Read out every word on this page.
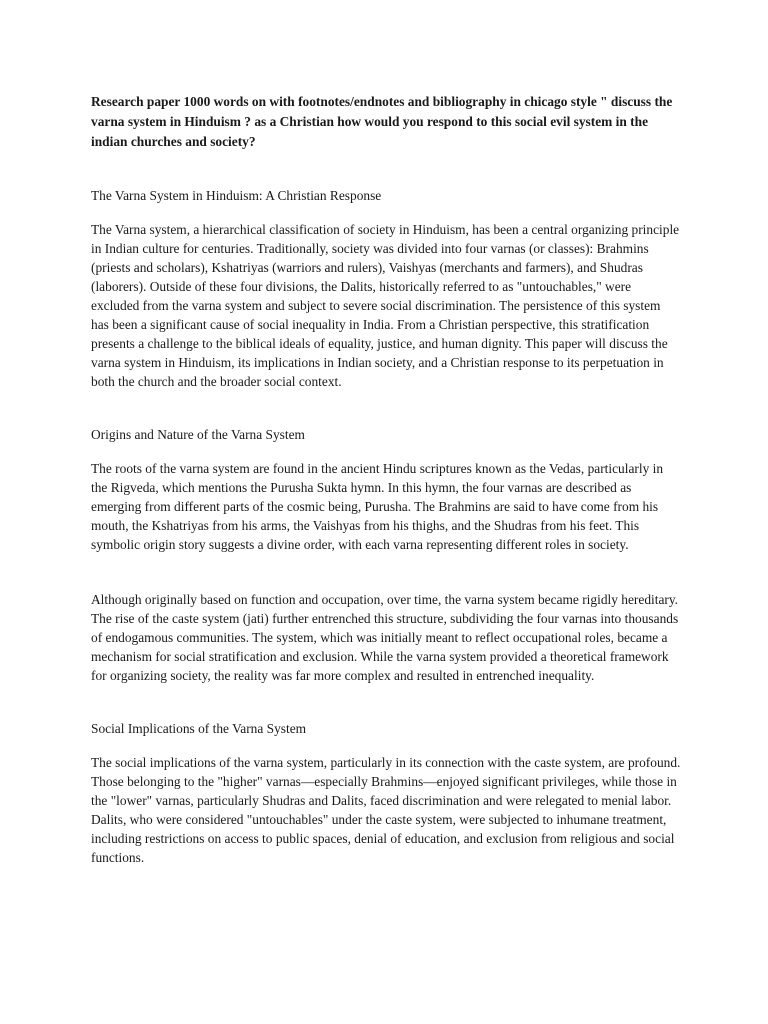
Research paper 1000 words on with footnotes/endnotes and bibliography in chicago style " discuss the varna system in Hinduism ? as a Christian how would you respond to this social evil system in the indian churches and society?

The Varna System in Hinduism: A Christian Response

The Varna system, a hierarchical classification of society in Hinduism, has been a central organizing principle in Indian culture for centuries. Traditionally, society was divided into four varnas (or classes): Brahmins (priests and scholars), Kshatriyas (warriors and rulers), Vaishyas (merchants and farmers), and Shudras (laborers). Outside of these four divisions, the Dalits, historically referred to as "untouchables," were excluded from the varna system and subject to severe social discrimination. The persistence of this system has been a significant cause of social inequality in India. From a Christian perspective, this stratification presents a challenge to the biblical ideals of equality, justice, and human dignity. This paper will discuss the varna system in Hinduism, its implications in Indian society, and a Christian response to its perpetuation in both the church and the broader social context.

Origins and Nature of the Varna System

The roots of the varna system are found in the ancient Hindu scriptures known as the Vedas, particularly in the Rigveda, which mentions the Purusha Sukta hymn. In this hymn, the four varnas are described as emerging from different parts of the cosmic being, Purusha. The Brahmins are said to have come from his mouth, the Kshatriyas from his arms, the Vaishyas from his thighs, and the Shudras from his feet. This symbolic origin story suggests a divine order, with each varna representing different roles in society.

Although originally based on function and occupation, over time, the varna system became rigidly hereditary. The rise of the caste system (jati) further entrenched this structure, subdividing the four varnas into thousands of endogamous communities. The system, which was initially meant to reflect occupational roles, became a mechanism for social stratification and exclusion. While the varna system provided a theoretical framework for organizing society, the reality was far more complex and resulted in entrenched inequality.

Social Implications of the Varna System

The social implications of the varna system, particularly in its connection with the caste system, are profound. Those belonging to the "higher" varnas—especially Brahmins—enjoyed significant privileges, while those in the "lower" varnas, particularly Shudras and Dalits, faced discrimination and were relegated to menial labor. Dalits, who were considered "untouchables" under the caste system, were subjected to inhumane treatment, including restrictions on access to public spaces, denial of education, and exclusion from religious and social functions.
